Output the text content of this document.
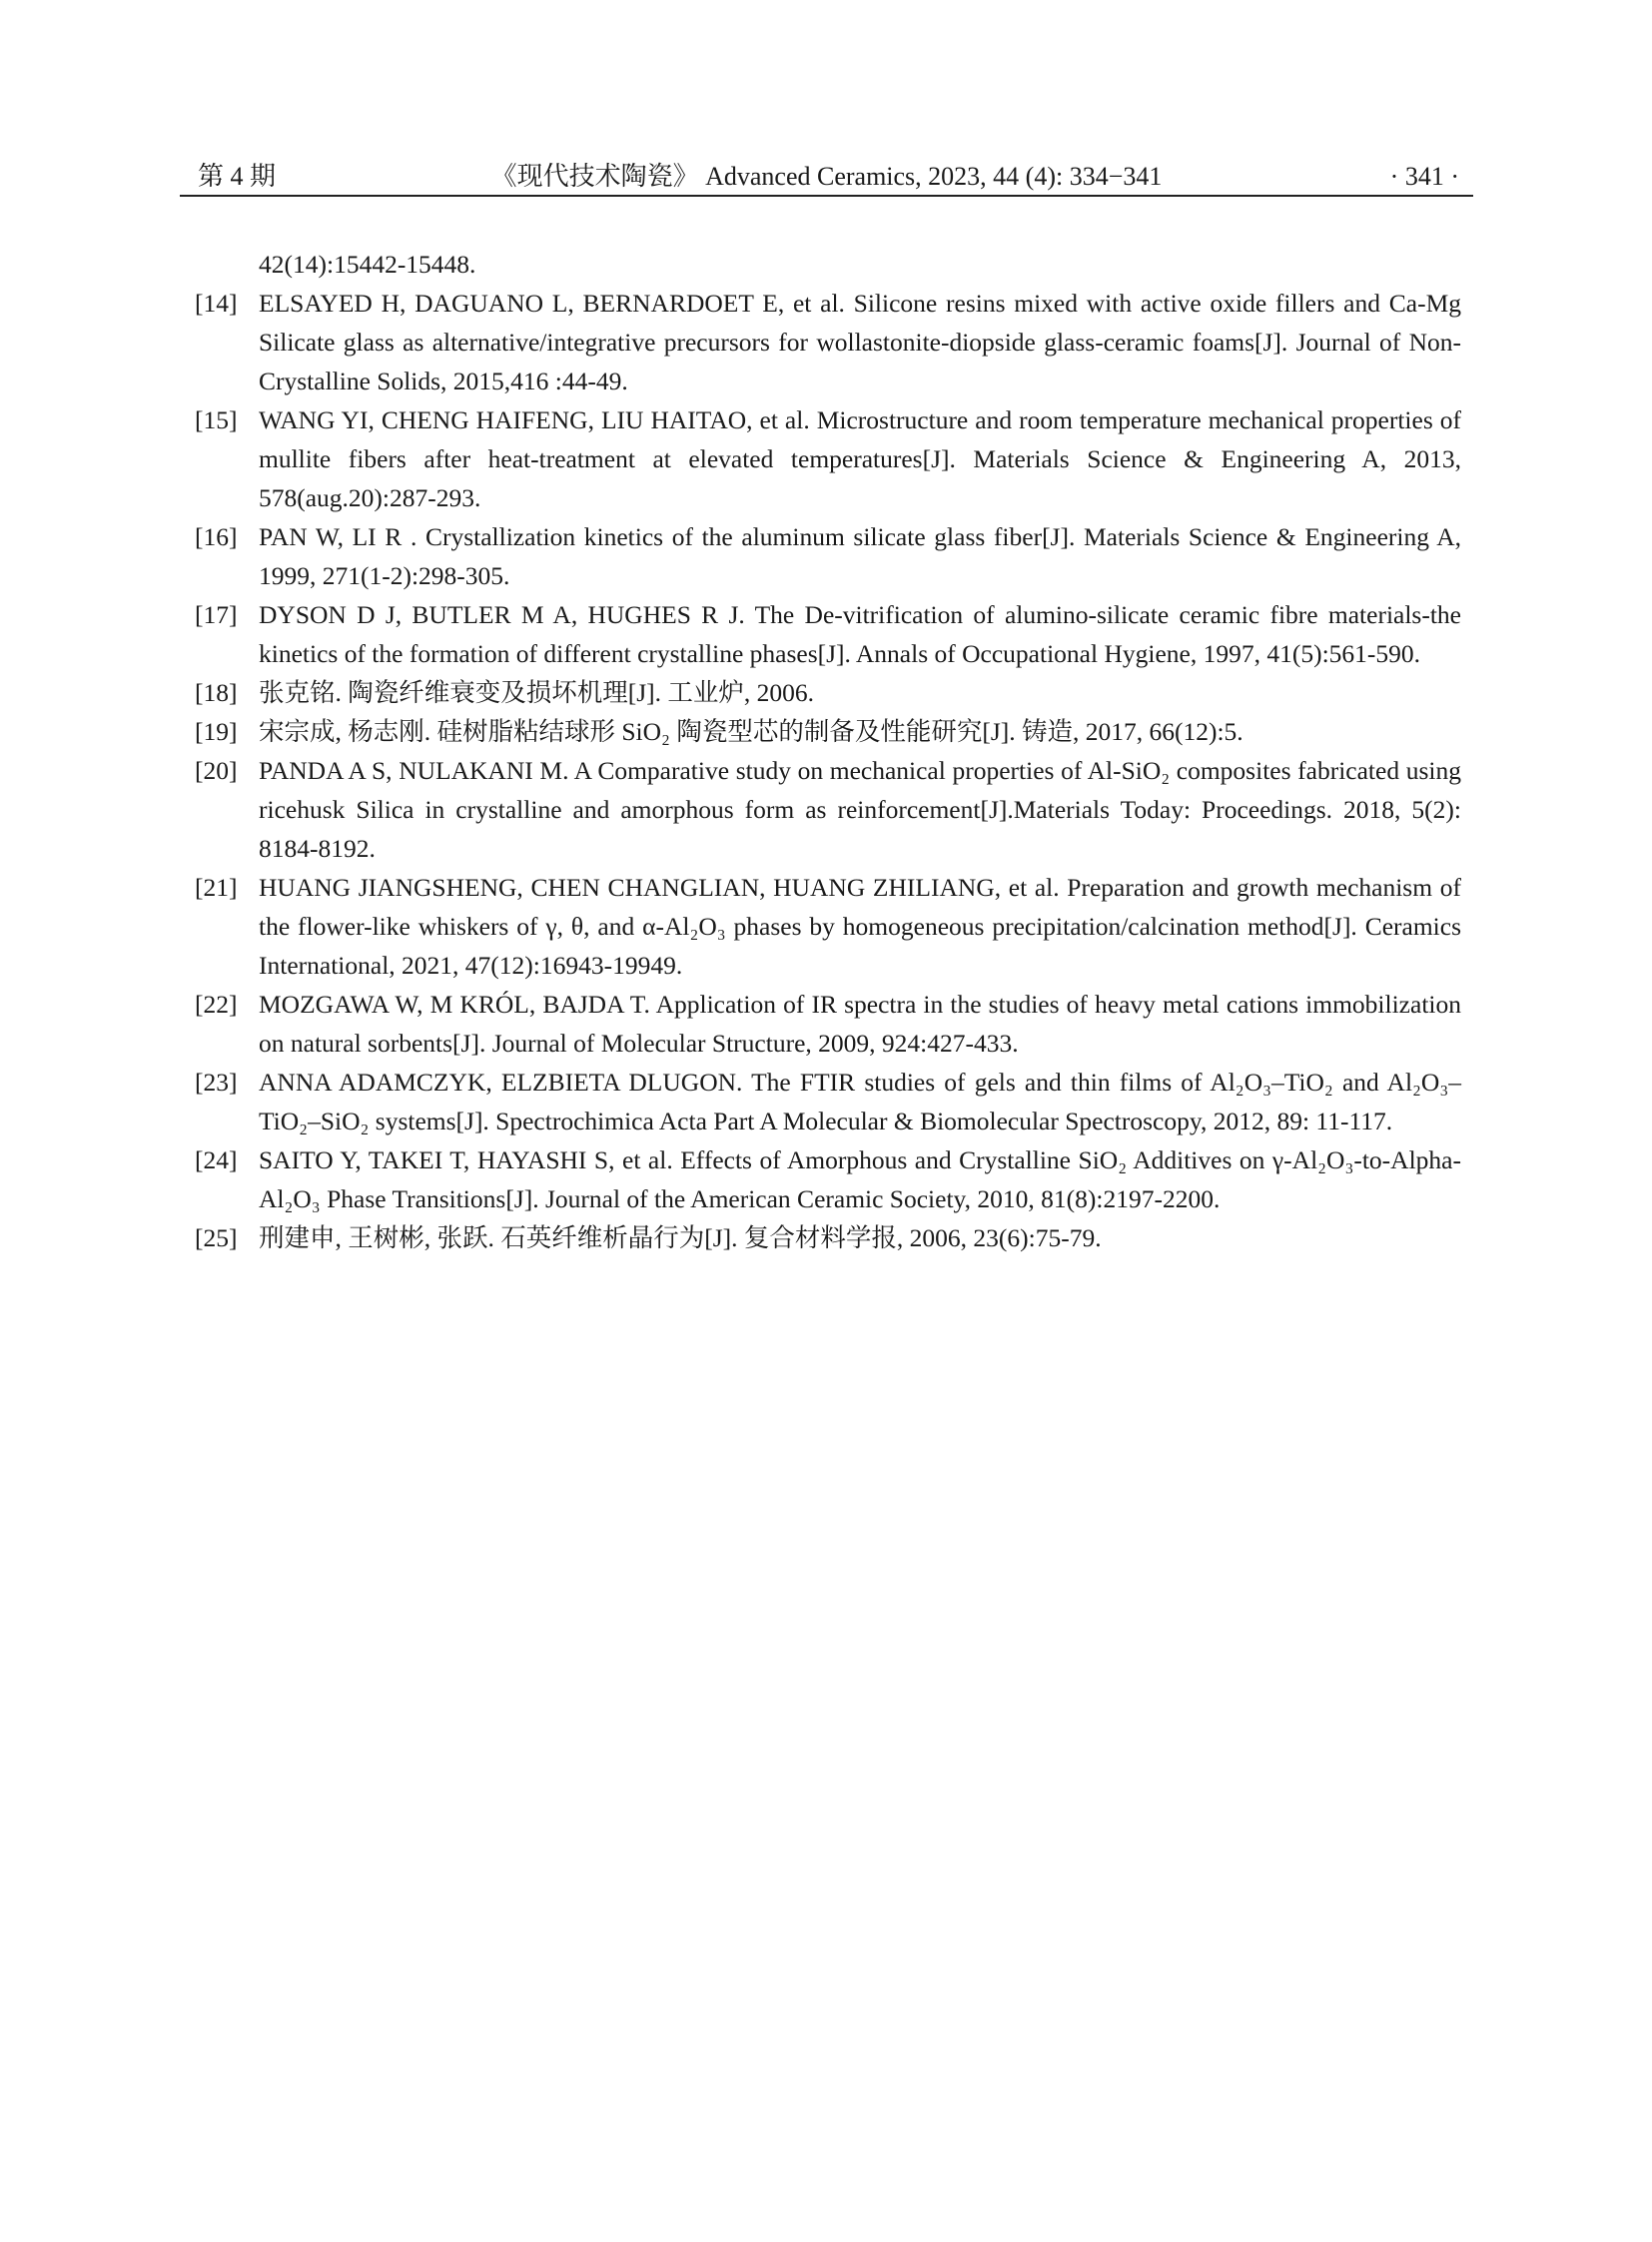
第 4 期	《现代技术陶瓷》 Advanced Ceramics, 2023, 44 (4): 334−341	· 341 ·

42(14):15442-15448.

[14] ELSAYED H, DAGUANO L, BERNARDOET E, et al. Silicone resins mixed with active oxide fillers and Ca-Mg Silicate glass as alternative/integrative precursors for wollastonite-diopside glass-ceramic foams[J]. Journal of Non-Crystalline Solids, 2015,416 :44-49.

[15] WANG YI, CHENG HAIFENG, LIU HAITAO, et al. Microstructure and room temperature mechanical properties of mullite fibers after heat-treatment at elevated temperatures[J]. Materials Science & Engineering A, 2013, 578(aug.20):287-293.

[16] PAN W, LI R . Crystallization kinetics of the aluminum silicate glass fiber[J]. Materials Science & Engineering A, 1999, 271(1-2):298-305.

[17] DYSON D J, BUTLER M A, HUGHES R J. The De-vitrification of alumino-silicate ceramic fibre materials-the kinetics of the formation of different crystalline phases[J]. Annals of Occupational Hygiene, 1997, 41(5):561-590.

[18] 张克铭. 陶瓷纤维衰变及损坏机理[J]. 工业炉, 2006.

[19] 宋宗成, 杨志刚. 硅树脂粘结球形 SiO₂ 陶瓷型芯的制备及性能研究[J]. 铸造, 2017, 66(12):5.

[20] PANDA A S, NULAKANI M. A Comparative study on mechanical properties of Al-SiO₂ composites fabricated using ricehusk Silica in crystalline and amorphous form as reinforcement[J].Materials Today: Proceedings. 2018, 5(2): 8184-8192.

[21] HUANG JIANGSHENG, CHEN CHANGLIAN, HUANG ZHILIANG, et al. Preparation and growth mechanism of the flower-like whiskers of γ, θ, and α-Al₂O₃ phases by homogeneous precipitation/calcination method[J]. Ceramics International, 2021, 47(12):16943-19949.

[22] MOZGAWA W, M KRÓL, BAJDA T. Application of IR spectra in the studies of heavy metal cations immobilization on natural sorbents[J]. Journal of Molecular Structure, 2009, 924:427-433.

[23] ANNA ADAMCZYK, ELZBIETA DLUGON. The FTIR studies of gels and thin films of Al₂O₃–TiO₂ and Al₂O₃–TiO₂–SiO₂ systems[J]. Spectrochimica Acta Part A Molecular & Biomolecular Spectroscopy, 2012, 89: 11-117.

[24] SAITO Y, TAKEI T, HAYASHI S, et al. Effects of Amorphous and Crystalline SiO₂ Additives on γ-Al₂O₃-to-Alpha-Al₂O₃ Phase Transitions[J]. Journal of the American Ceramic Society, 2010, 81(8):2197-2200.

[25] 刑建申, 王树彬, 张跃. 石英纤维析晶行为[J]. 复合材料学报, 2006, 23(6):75-79.
